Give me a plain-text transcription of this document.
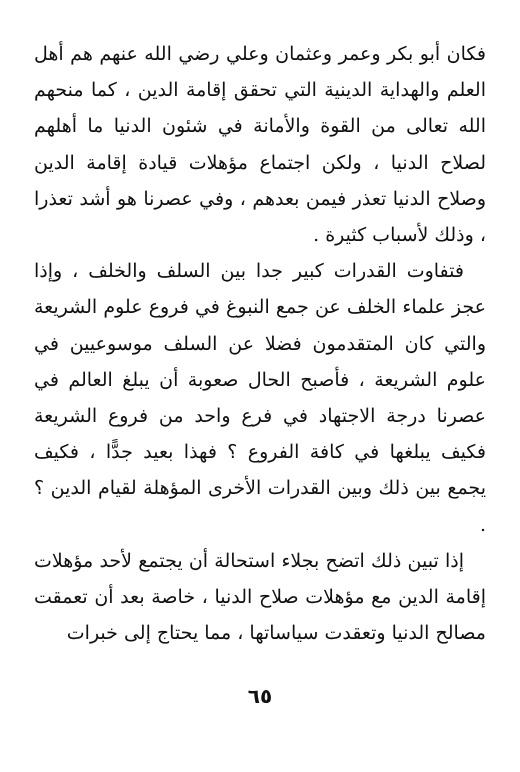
فكان أبو بكر وعمر وعثمان وعلي رضي الله عنهم هم أهل العلم والهداية الدينية التي تحقق إقامة الدين ، كما منحهم الله تعالى من القوة والأمانة في شئون الدنيا ما أهلهم لصلاح الدنيا ، ولكن اجتماع مؤهلات قيادة إقامة الدين وصلاح الدنيا تعذر فيمن بعدهم ، وفي عصرنا هو أشد تعذرا ، وذلك لأسباب كثيرة .

فتفاوت القدرات كبير جدا بين السلف والخلف ، وإذا عجز علماء الخلف عن جمع النبوغ في فروع علوم الشريعة والتي كان المتقدمون فضلا عن السلف موسوعيين في علوم الشريعة ، فأصبح الحال صعوبة أن يبلغ العالم في عصرنا درجة الاجتهاد في فرع واحد من فروع الشريعة فكيف يبلغها في كافة الفروع ؟ فهذا بعيد جدًّا ، فكيف يجمع بين ذلك وبين القدرات الأخرى المؤهلة لقيام الدين ؟ .

إذا تبين ذلك اتضح بجلاء استحالة أن يجتمع لأحد مؤهلات إقامة الدين مع مؤهلات صلاح الدنيا ، خاصة بعد أن تعمقت مصالح الدنيا وتعقدت سياساتها ، مما يحتاج إلى خبرات

٦٥
